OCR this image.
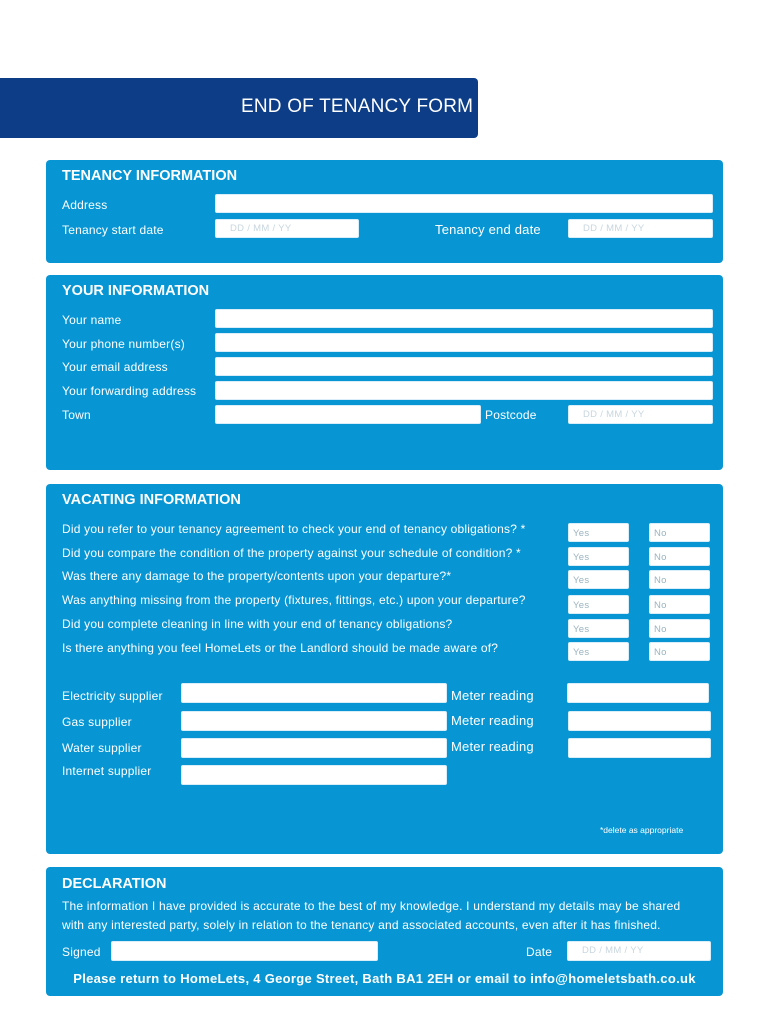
END OF TENANCY FORM
TENANCY INFORMATION
Address
Tenancy start date	DD / MM / YY	Tenancy end date	DD / MM / YY
YOUR INFORMATION
Your name
Your phone number(s)
Your email address
Your forwarding address
Town	Postcode	DD / MM / YY
VACATING INFORMATION
Did you refer to your tenancy agreement to check your end of tenancy obligations? *	Yes	No
Did you compare the condition of the property against your schedule of condition? *	Yes	No
Was there any damage to the property/contents upon your departure?*	Yes	No
Was anything missing from the property (fixtures, fittings, etc.) upon your departure?	Yes	No
Did you complete cleaning in line with your end of tenancy obligations?	Yes	No
Is there anything you feel HomeLets or the Landlord should be made aware of?	Yes	No
Electricity supplier	Meter reading
Gas supplier	Meter reading
Water supplier	Meter reading
Internet supplier
*delete as appropriate
DECLARATION
The information I have provided is accurate to the best of my knowledge. I understand my details may be shared
with any interested party, solely in relation to the tenancy and associated accounts, even after it has finished.
Signed	Date	DD / MM / YY
Please return to HomeLets, 4 George Street, Bath BA1 2EH or email to info@homeletsbath.co.uk
